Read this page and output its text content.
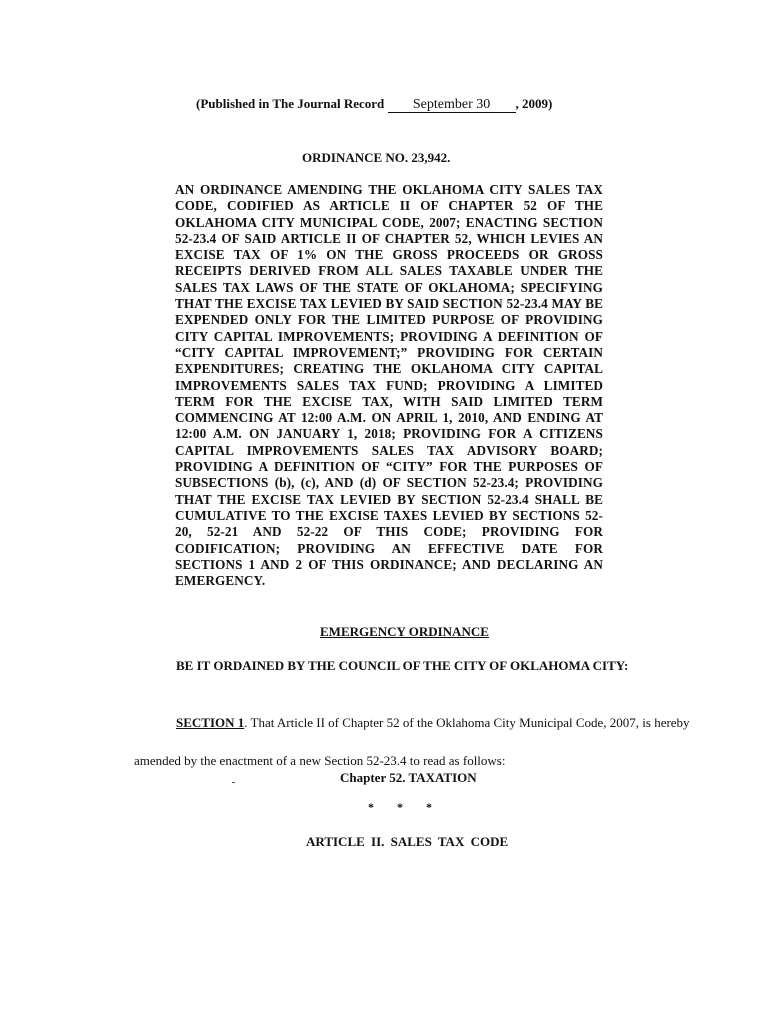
(Published in The Journal Record September 30 , 2009)
ORDINANCE NO. 23,942.
AN ORDINANCE AMENDING THE OKLAHOMA CITY SALES TAX CODE, CODIFIED AS ARTICLE II OF CHAPTER 52 OF THE OKLAHOMA CITY MUNICIPAL CODE, 2007; ENACTING SECTION 52-23.4 OF SAID ARTICLE II OF CHAPTER 52, WHICH LEVIES AN EXCISE TAX OF 1% ON THE GROSS PROCEEDS OR GROSS RECEIPTS DERIVED FROM ALL SALES TAXABLE UNDER THE SALES TAX LAWS OF THE STATE OF OKLAHOMA; SPECIFYING THAT THE EXCISE TAX LEVIED BY SAID SECTION 52-23.4 MAY BE EXPENDED ONLY FOR THE LIMITED PURPOSE OF PROVIDING CITY CAPITAL IMPROVEMENTS; PROVIDING A DEFINITION OF “CITY CAPITAL IMPROVEMENT;” PROVIDING FOR CERTAIN EXPENDITURES; CREATING THE OKLAHOMA CITY CAPITAL IMPROVEMENTS SALES TAX FUND; PROVIDING A LIMITED TERM FOR THE EXCISE TAX, WITH SAID LIMITED TERM COMMENCING AT 12:00 A.M. ON APRIL 1, 2010, AND ENDING AT 12:00 A.M. ON JANUARY 1, 2018; PROVIDING FOR A CITIZENS CAPITAL IMPROVEMENTS SALES TAX ADVISORY BOARD; PROVIDING A DEFINITION OF “CITY” FOR THE PURPOSES OF SUBSECTIONS (b), (c), AND (d) OF SECTION 52-23.4; PROVIDING THAT THE EXCISE TAX LEVIED BY SECTION 52-23.4 SHALL BE CUMULATIVE TO THE EXCISE TAXES LEVIED BY SECTIONS 52-20, 52-21 AND 52-22 OF THIS CODE; PROVIDING FOR CODIFICATION; PROVIDING AN EFFECTIVE DATE FOR SECTIONS 1 AND 2 OF THIS ORDINANCE; AND DECLARING AN EMERGENCY.
EMERGENCY ORDINANCE
BE IT ORDAINED BY THE COUNCIL OF THE CITY OF OKLAHOMA CITY:
SECTION 1. That Article II of Chapter 52 of the Oklahoma City Municipal Code, 2007, is hereby amended by the enactment of a new Section 52-23.4 to read as follows:
Chapter 52. TAXATION
* * *
ARTICLE II. SALES TAX CODE
